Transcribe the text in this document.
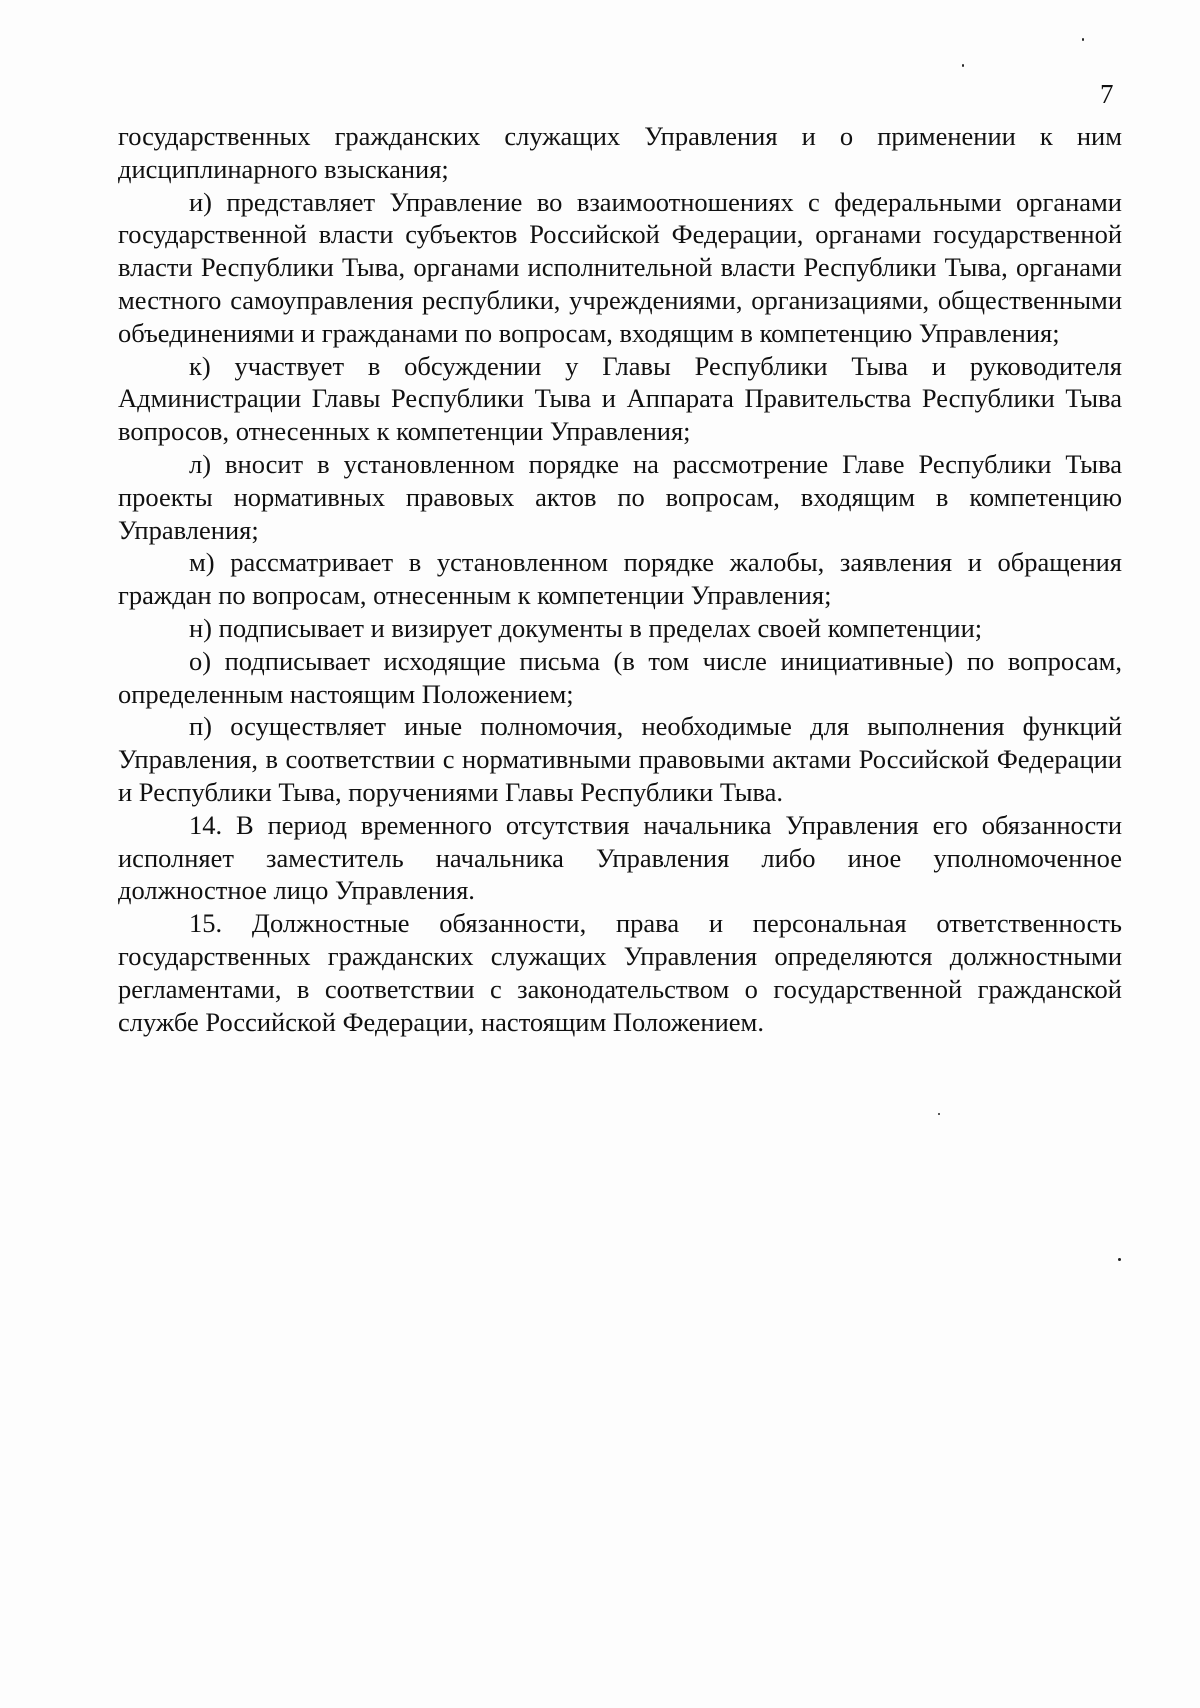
7

государственных гражданских служащих Управления и о применении к ним дисциплинарного взыскания;

и) представляет Управление во взаимоотношениях с федеральными органами государственной власти субъектов Российской Федерации, органами государственной власти Республики Тыва, органами исполнительной власти Республики Тыва, органами местного самоуправления республики, учреждениями, организациями, общественными объединениями и гражданами по вопросам, входящим в компетенцию Управления;

к) участвует в обсуждении у Главы Республики Тыва и руководителя Администрации Главы Республики Тыва и Аппарата Правительства Республики Тыва вопросов, отнесенных к компетенции Управления;

л) вносит в установленном порядке на рассмотрение Главе Республики Тыва проекты нормативных правовых актов по вопросам, входящим в компетенцию Управления;

м) рассматривает в установленном порядке жалобы, заявления и обращения граждан по вопросам, отнесенным к компетенции Управления;

н) подписывает и визирует документы в пределах своей компетенции;

о) подписывает исходящие письма (в том числе инициативные) по вопросам, определенным настоящим Положением;

п) осуществляет иные полномочия, необходимые для выполнения функций Управления, в соответствии с нормативными правовыми актами Российской Федерации и Республики Тыва, поручениями Главы Республики Тыва.

14. В период временного отсутствия начальника Управления его обязанности исполняет заместитель начальника Управления либо иное уполномоченное должностное лицо Управления.

15. Должностные обязанности, права и персональная ответственность государственных гражданских служащих Управления определяются должностными регламентами, в соответствии с законодательством о государственной гражданской службе Российской Федерации, настоящим Положением.
